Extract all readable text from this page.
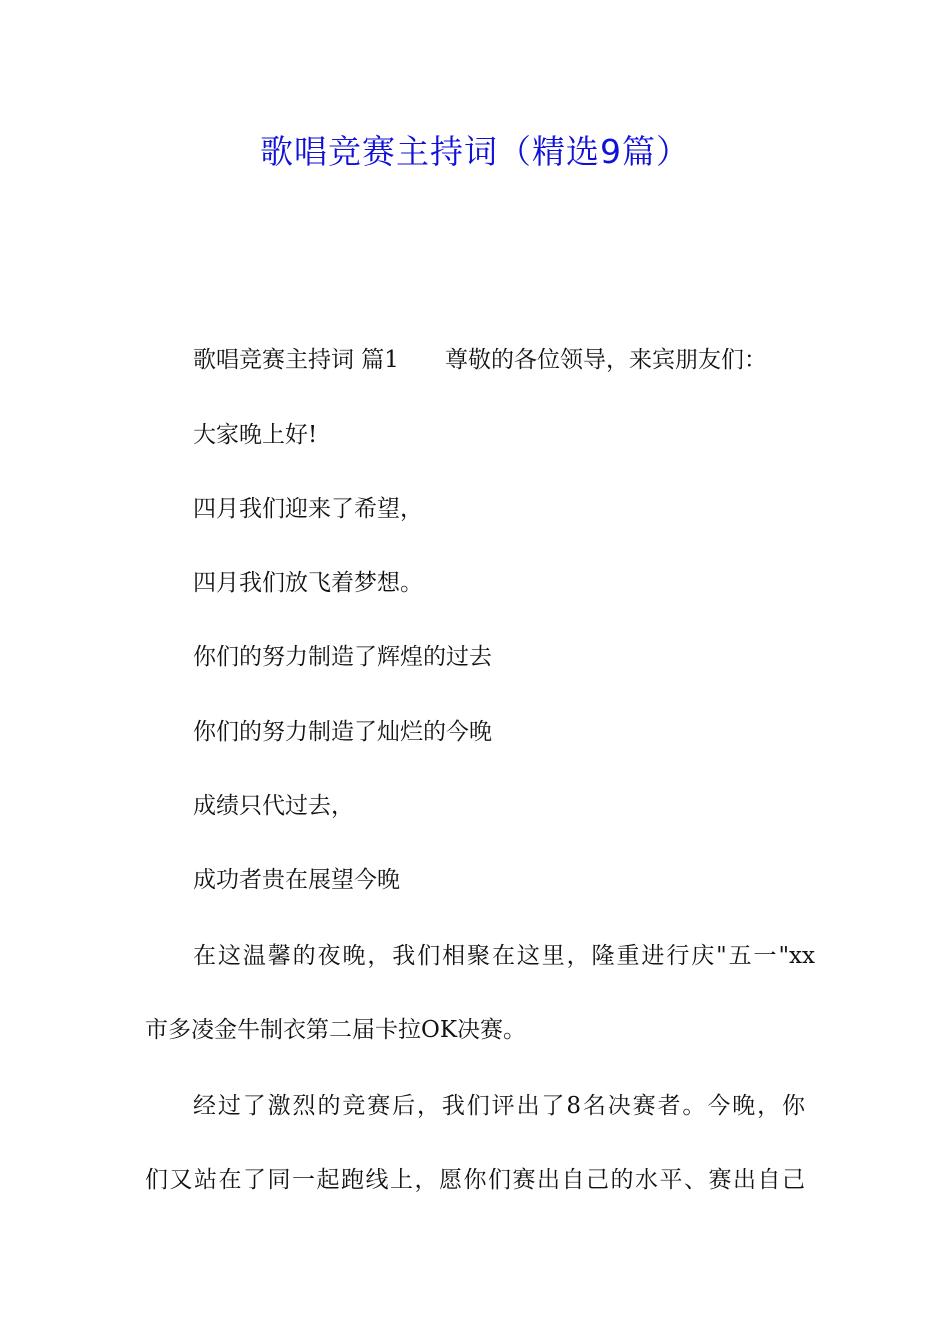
歌唱竞赛主持词（精选9篇）

歌唱竞赛主持词 篇1 尊敬的各位领导，来宾朋友们：

大家晚上好!

四月我们迎来了希望，

四月我们放飞着梦想。

你们的努力制造了辉煌的过去

你们的努力制造了灿烂的今晚

成绩只代过去，

成功者贵在展望今晚

在这温馨的夜晚，我们相聚在这里，隆重进行庆"五一"xx

市多凌金牛制衣第二届卡拉OK决赛。

经过了激烈的竞赛后，我们评出了8名决赛者。今晚，你

们又站在了同一起跑线上，愿你们赛出自己的水平、赛出自己
